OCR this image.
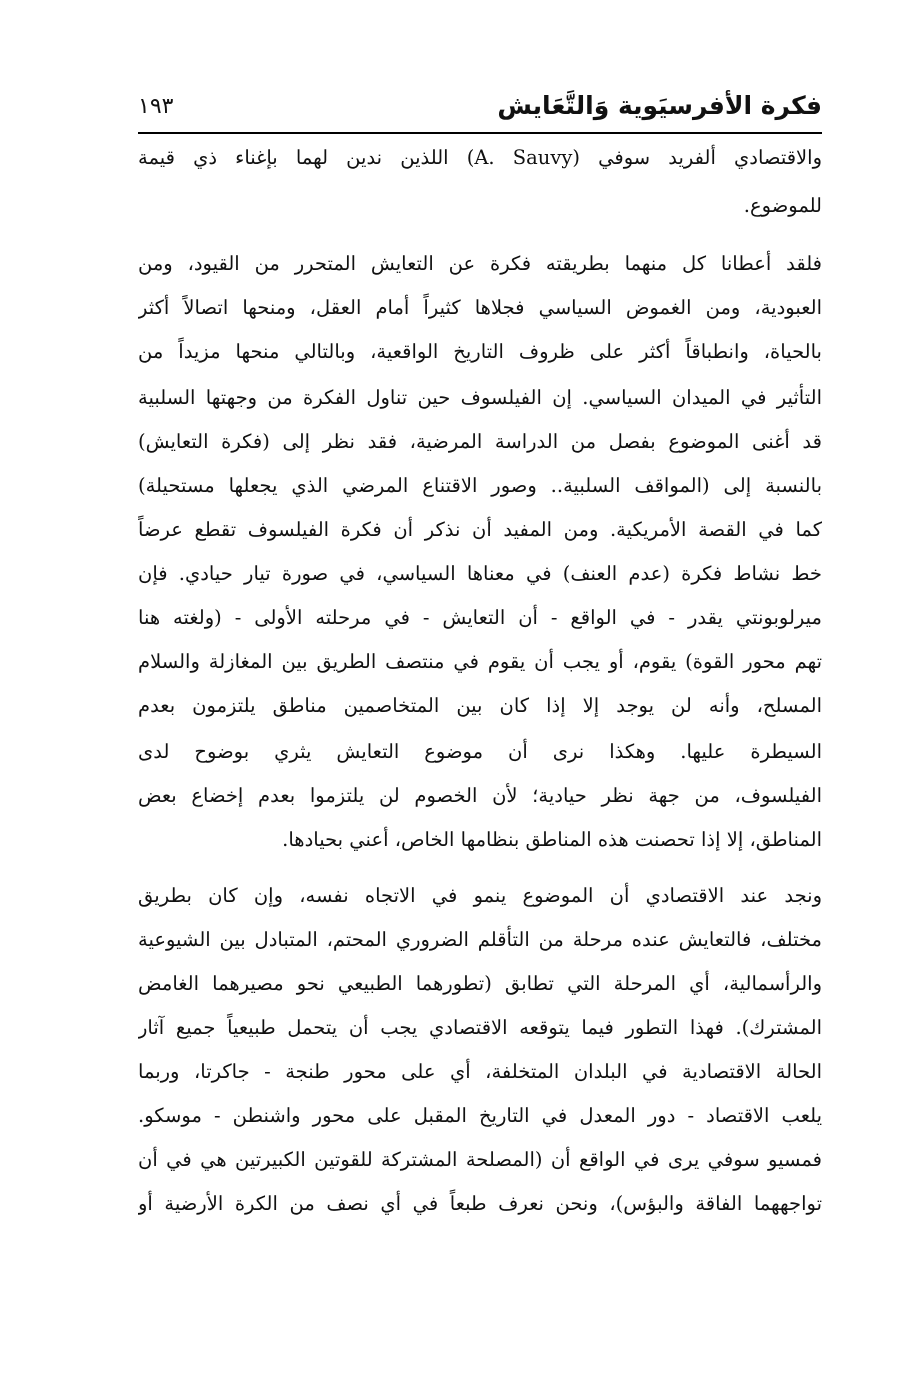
فكرة الأفرسيَوية وَالتَّعَايش
١٩٣
والاقتصادي ألفريد سوفي (A. Sauvy) اللذين ندين لهما بإغناء ذي قيمة
للموضوع.
فلقد أعطانا كل منهما بطريقته فكرة عن التعايش المتحرر من القيود، ومن
العبودية، ومن الغموض السياسي فجلاها كثيراً أمام العقل، ومنحها اتصالاً أكثر
بالحياة، وانطباقاً أكثر على ظروف التاريخ الواقعية، وبالتالي منحها مزيداً من
التأثير في الميدان السياسي. إن الفيلسوف حين تناول الفكرة من وجهتها السلبية
قد أغنى الموضوع بفصل من الدراسة المرضية، فقد نظر إلى (فكرة التعايش)
بالنسبة إلى (المواقف السلبية.. وصور الاقتناع المرضي الذي يجعلها مستحيلة)
كما في القصة الأمريكية. ومن المفيد أن نذكر أن فكرة الفيلسوف تقطع عرضاً
خط نشاط فكرة (عدم العنف) في معناها السياسي، في صورة تيار حيادي. فإن
ميرلوبونتي يقدر - في الواقع - أن التعايش - في مرحلته الأولى - (ولغته هنا
تهم محور القوة) يقوم، أو يجب أن يقوم في منتصف الطريق بين المغازلة والسلام
المسلح، وأنه لن يوجد إلا إذا كان بين المتخاصمين مناطق يلتزمون بعدم
السيطرة عليها. وهكذا نرى أن موضوع التعايش يثري بوضوح لدى
الفيلسوف، من جهة نظر حيادية؛ لأن الخصوم لن يلتزموا بعدم إخضاع بعض
المناطق، إلا إذا تحصنت هذه المناطق بنظامها الخاص، أعني بحيادها.
ونجد عند الاقتصادي أن الموضوع ينمو في الاتجاه نفسه، وإن كان بطريق
مختلف، فالتعايش عنده مرحلة من التأقلم الضروري المحتم، المتبادل بين الشيوعية
والرأسمالية، أي المرحلة التي تطابق (تطورهما الطبيعي نحو مصيرهما الغامض
المشترك). فهذا التطور فيما يتوقعه الاقتصادي يجب أن يتحمل طبيعياً جميع آثار
الحالة الاقتصادية في البلدان المتخلفة، أي على محور طنجة - جاكرتا، وربما
يلعب الاقتصاد - دور المعدل في التاريخ المقبل على محور واشنطن - موسكو.
فمسيو سوفي يرى في الواقع أن (المصلحة المشتركة للقوتين الكبيرتين هي في أن
تواجههما الفاقة والبؤس)، ونحن نعرف طبعاً في أي نصف من الكرة الأرضية أو
